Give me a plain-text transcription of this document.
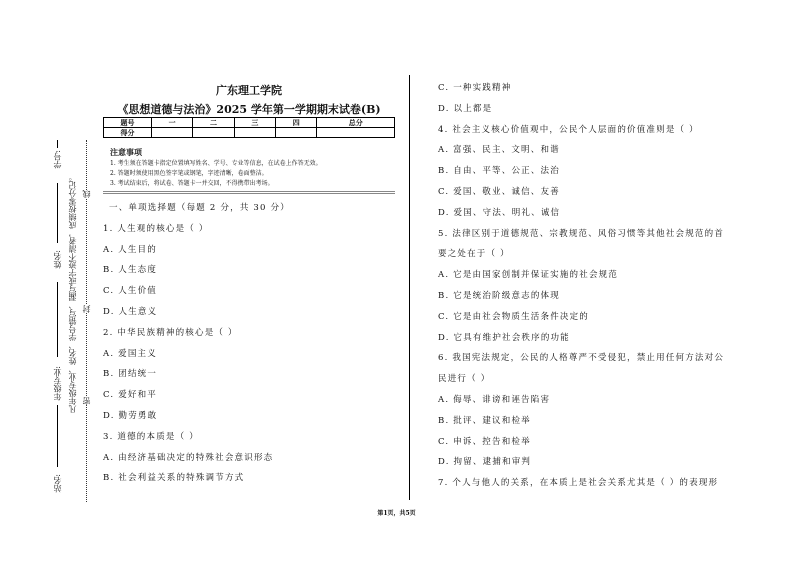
广东理工学院
《思想道德与法治》2025 学年第一学期期末试卷(B)
题号	一	二	三	四	总分
得分					
注意事项
1. 考生须在答题卡指定位置填写姓名、学号、专业等信息，在试卷上作答无效。
2. 答题时须使用黑色签字笔或钢笔，字迹清晰，卷面整洁。
3. 考试结束后，将试卷、答题卡一并交回，不得携带出考场。
一、单项选择题（每题 2 分，共 30 分）
1. 人生观的核心是（ ）
A. 人生目的
B. 人生态度
C. 人生价值
D. 人生意义
2. 中华民族精神的核心是（ ）
A. 爱国主义
B. 团结统一
C. 爱好和平
D. 勤劳勇敢
3. 道德的本质是（ ）
A. 由经济基础决定的特殊社会意识形态
B. 社会利益关系的特殊调节方式
C. 一种实践精神
D. 以上都是
4. 社会主义核心价值观中，公民个人层面的价值准则是（ ）
A. 富强、民主、文明、和谐
B. 自由、平等、公正、法治
C. 爱国、敬业、诚信、友善
D. 爱国、守法、明礼、诚信
5. 法律区别于道德规范、宗教规范、风俗习惯等其他社会规范的首
要之处在于（ ）
A. 它是由国家创制并保证实施的社会规范
B. 它是统治阶级意志的体现
C. 它是由社会物质生活条件决定的
D. 它具有维护社会秩序的功能
6. 我国宪法规定，公民的人格尊严不受侵犯，禁止用任何方法对公
民进行（ ）
A. 侮辱、诽谤和诬告陷害
B. 批评、建议和检举
C. 申诉、控告和检举
D. 拘留、逮捕和审判
7. 个人与他人的关系，在本质上是社会关系尤其是（ ）的表现形
学号:
姓名:
年级专业:
站名:
凡年级专业、姓名、学号错写、漏写或字迹不清者，成绩按零分记。 线
封
密
第1页，共5页
